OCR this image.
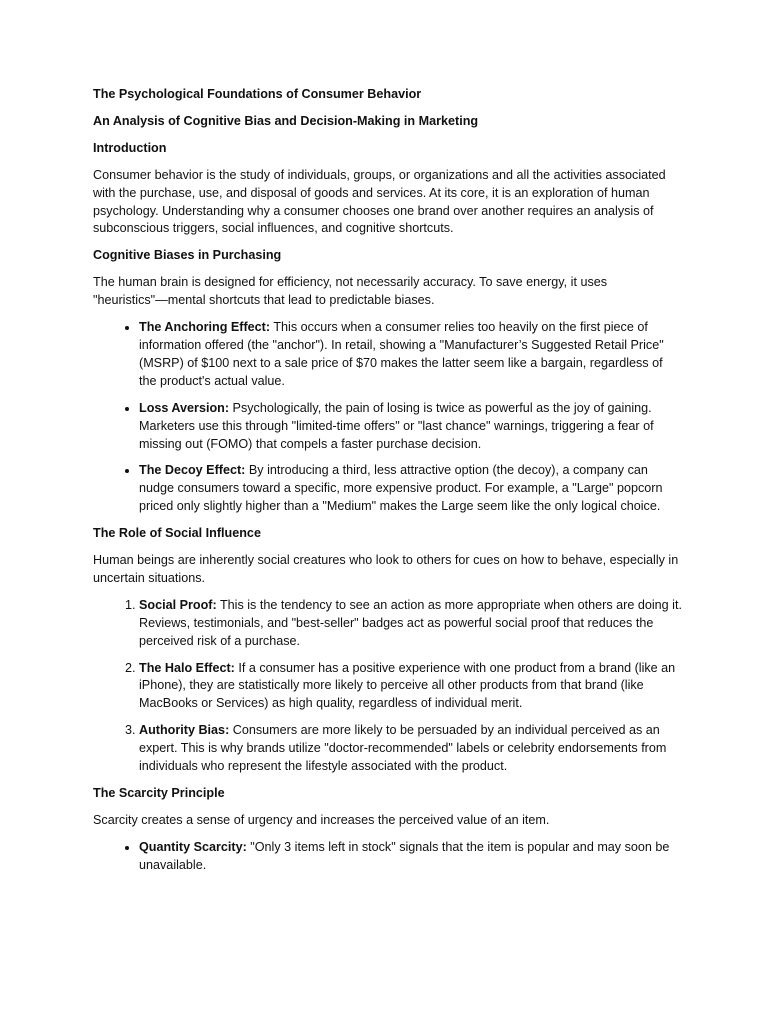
The Psychological Foundations of Consumer Behavior

An Analysis of Cognitive Bias and Decision-Making in Marketing

Introduction

Consumer behavior is the study of individuals, groups, or organizations and all the activities associated with the purchase, use, and disposal of goods and services. At its core, it is an exploration of human psychology. Understanding why a consumer chooses one brand over another requires an analysis of subconscious triggers, social influences, and cognitive shortcuts.

Cognitive Biases in Purchasing

The human brain is designed for efficiency, not necessarily accuracy. To save energy, it uses "heuristics"—mental shortcuts that lead to predictable biases.

• The Anchoring Effect: This occurs when a consumer relies too heavily on the first piece of information offered (the "anchor"). In retail, showing a "Manufacturer’s Suggested Retail Price" (MSRP) of $100 next to a sale price of $70 makes the latter seem like a bargain, regardless of the product's actual value.
• Loss Aversion: Psychologically, the pain of losing is twice as powerful as the joy of gaining. Marketers use this through "limited-time offers" or "last chance" warnings, triggering a fear of missing out (FOMO) that compels a faster purchase decision.
• The Decoy Effect: By introducing a third, less attractive option (the decoy), a company can nudge consumers toward a specific, more expensive product. For example, a "Large" popcorn priced only slightly higher than a "Medium" makes the Large seem like the only logical choice.

The Role of Social Influence

Human beings are inherently social creatures who look to others for cues on how to behave, especially in uncertain situations.

1. Social Proof: This is the tendency to see an action as more appropriate when others are doing it. Reviews, testimonials, and "best-seller" badges act as powerful social proof that reduces the perceived risk of a purchase.
2. The Halo Effect: If a consumer has a positive experience with one product from a brand (like an iPhone), they are statistically more likely to perceive all other products from that brand (like MacBooks or Services) as high quality, regardless of individual merit.
3. Authority Bias: Consumers are more likely to be persuaded by an individual perceived as an expert. This is why brands utilize "doctor-recommended" labels or celebrity endorsements from individuals who represent the lifestyle associated with the product.

The Scarcity Principle

Scarcity creates a sense of urgency and increases the perceived value of an item.

• Quantity Scarcity: "Only 3 items left in stock" signals that the item is popular and may soon be unavailable.
